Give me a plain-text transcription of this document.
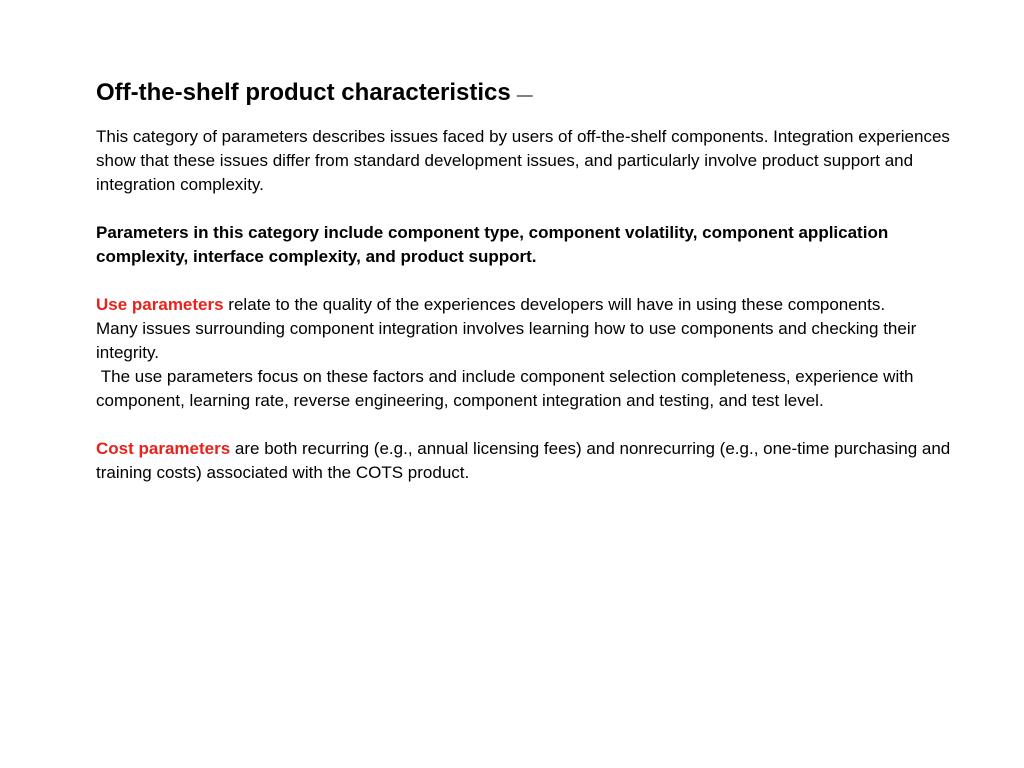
Off-the-shelf product characteristics —

This category of parameters describes issues faced by users of off-the-shelf components. Integration experiences show that these issues differ from standard development issues, and particularly involve product support and integration complexity.

Parameters in this category include component type, component volatility, component application complexity, interface complexity, and product support.

Use parameters relate to the quality of the experiences developers will have in using these components.
Many issues surrounding component integration involves learning how to use components and checking their integrity.
The use parameters focus on these factors and include component selection completeness, experience with component, learning rate, reverse engineering, component integration and testing, and test level.

Cost parameters are both recurring (e.g., annual licensing fees) and nonrecurring (e.g., one-time purchasing and training costs) associated with the COTS product.
